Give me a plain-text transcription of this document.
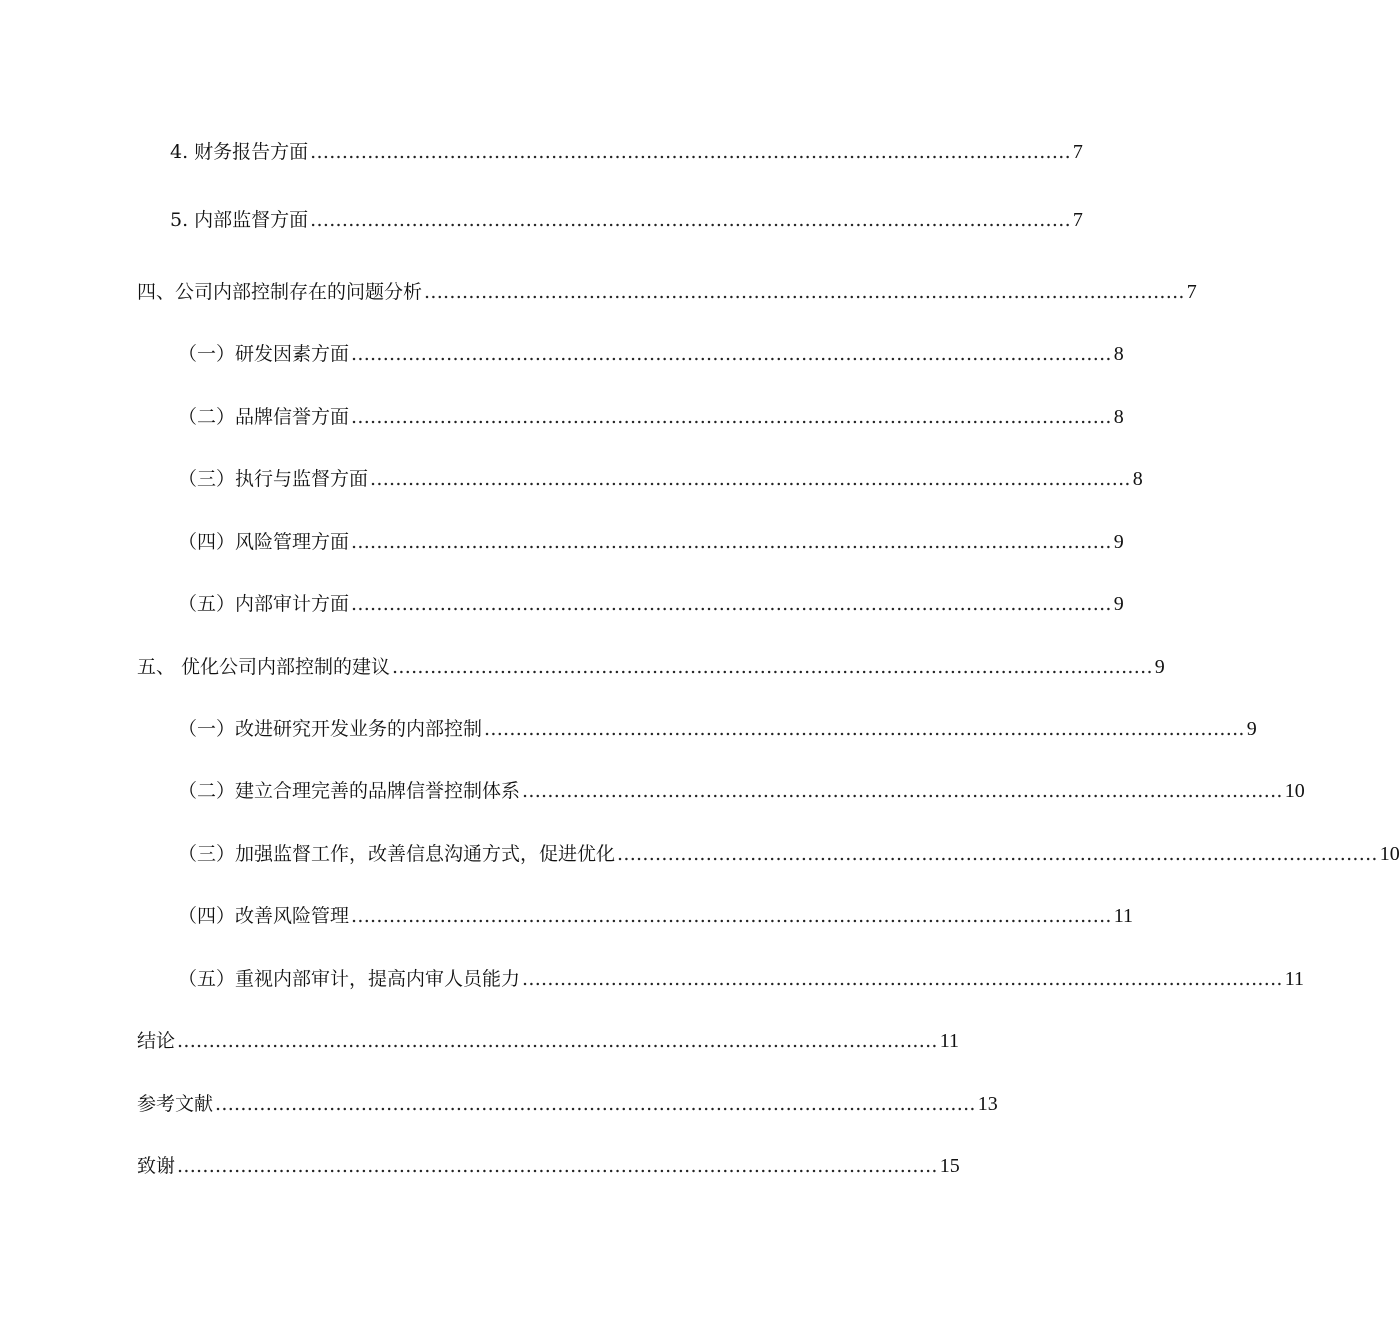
4. 财务报告方面 ........................................................................................................................ 7
5. 内部监督方面 ........................................................................................................................ 7
四、公司内部控制存在的问题分析 ........................................................................................................................ 7
（一）研发因素方面 ........................................................................................................................ 8
（二）品牌信誉方面 ........................................................................................................................ 8
（三）执行与监督方面 ........................................................................................................................ 8
（四）风险管理方面 ........................................................................................................................ 9
（五）内部审计方面 ........................................................................................................................ 9
五、 优化公司内部控制的建议 ........................................................................................................................ 9
（一）改进研究开发业务的内部控制 ........................................................................................................................ 9
（二）建立合理完善的品牌信誉控制体系 ........................................................................................................................ 10
（三）加强监督工作，改善信息沟通方式，促进优化 ........................................................................................................................ 10
（四）改善风险管理 ........................................................................................................................ 11
（五）重视内部审计，提高内审人员能力 ........................................................................................................................ 11
结论 ........................................................................................................................ 11
参考文献 ........................................................................................................................ 13
致谢 ........................................................................................................................ 15
